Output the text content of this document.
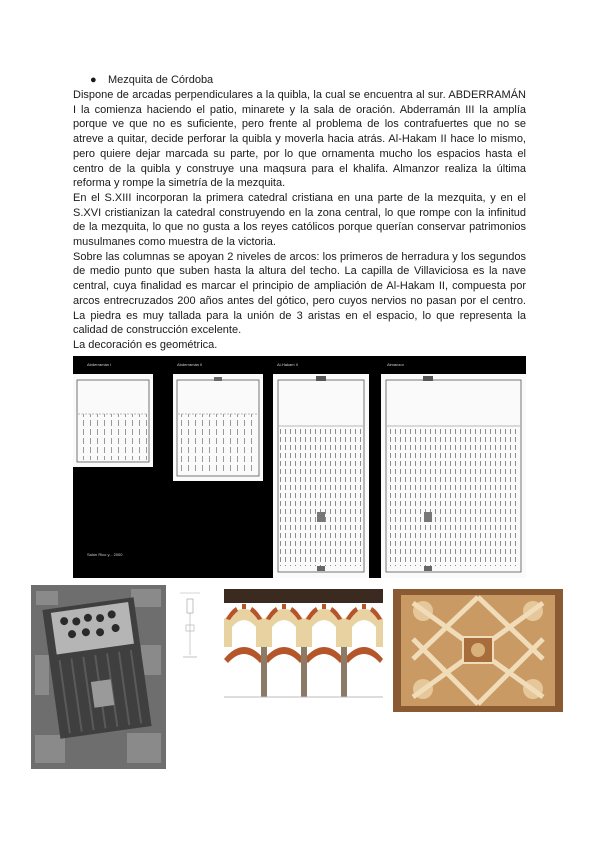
● Mezquita de Córdoba

Dispone de arcadas perpendiculares a la quibla, la cual se encuentra al sur. ABDERRAMÁN I la comienza haciendo el patio, minarete y la sala de oración. Abderramán III la amplía porque ve que no es suficiente, pero frente al problema de los contrafuertes que no se atreve a quitar, decide perforar la quibla y moverla hacia atrás. Al-Hakam II hace lo mismo, pero quiere dejar marcada su parte, por lo que ornamenta mucho los espacios hasta el centro de la quibla y construye una maqsura para el khalifa. Almanzor realiza la última reforma y rompe la simetría de la mezquita.

En el S.XIII incorporan la primera catedral cristiana en una parte de la mezquita, y en el S.XVI cristianizan la catedral construyendo en la zona central, lo que rompe con la infinitud de la mezquita, lo que no gusta a los reyes católicos porque querían conservar patrimonios musulmanes como muestra de la victoria.

Sobre las columnas se apoyan 2 niveles de arcos: los primeros de herradura y los segundos de medio punto que suben hasta la altura del techo. La capilla de Villaviciosa es la nave central, cuya finalidad es marcar el principio de ampliación de Al-Hakam II, compuesta por arcos entrecruzados 200 años antes del gótico, pero cuyos nervios no pasan por el centro. La piedra es muy tallada para la unión de 3 aristas en el espacio, lo que representa la calidad de construcción excelente.

La decoración es geométrica.

Abderramán I	Abderramán II	Al-Hakam II	Almanzor
Salón Rico y... 2000
